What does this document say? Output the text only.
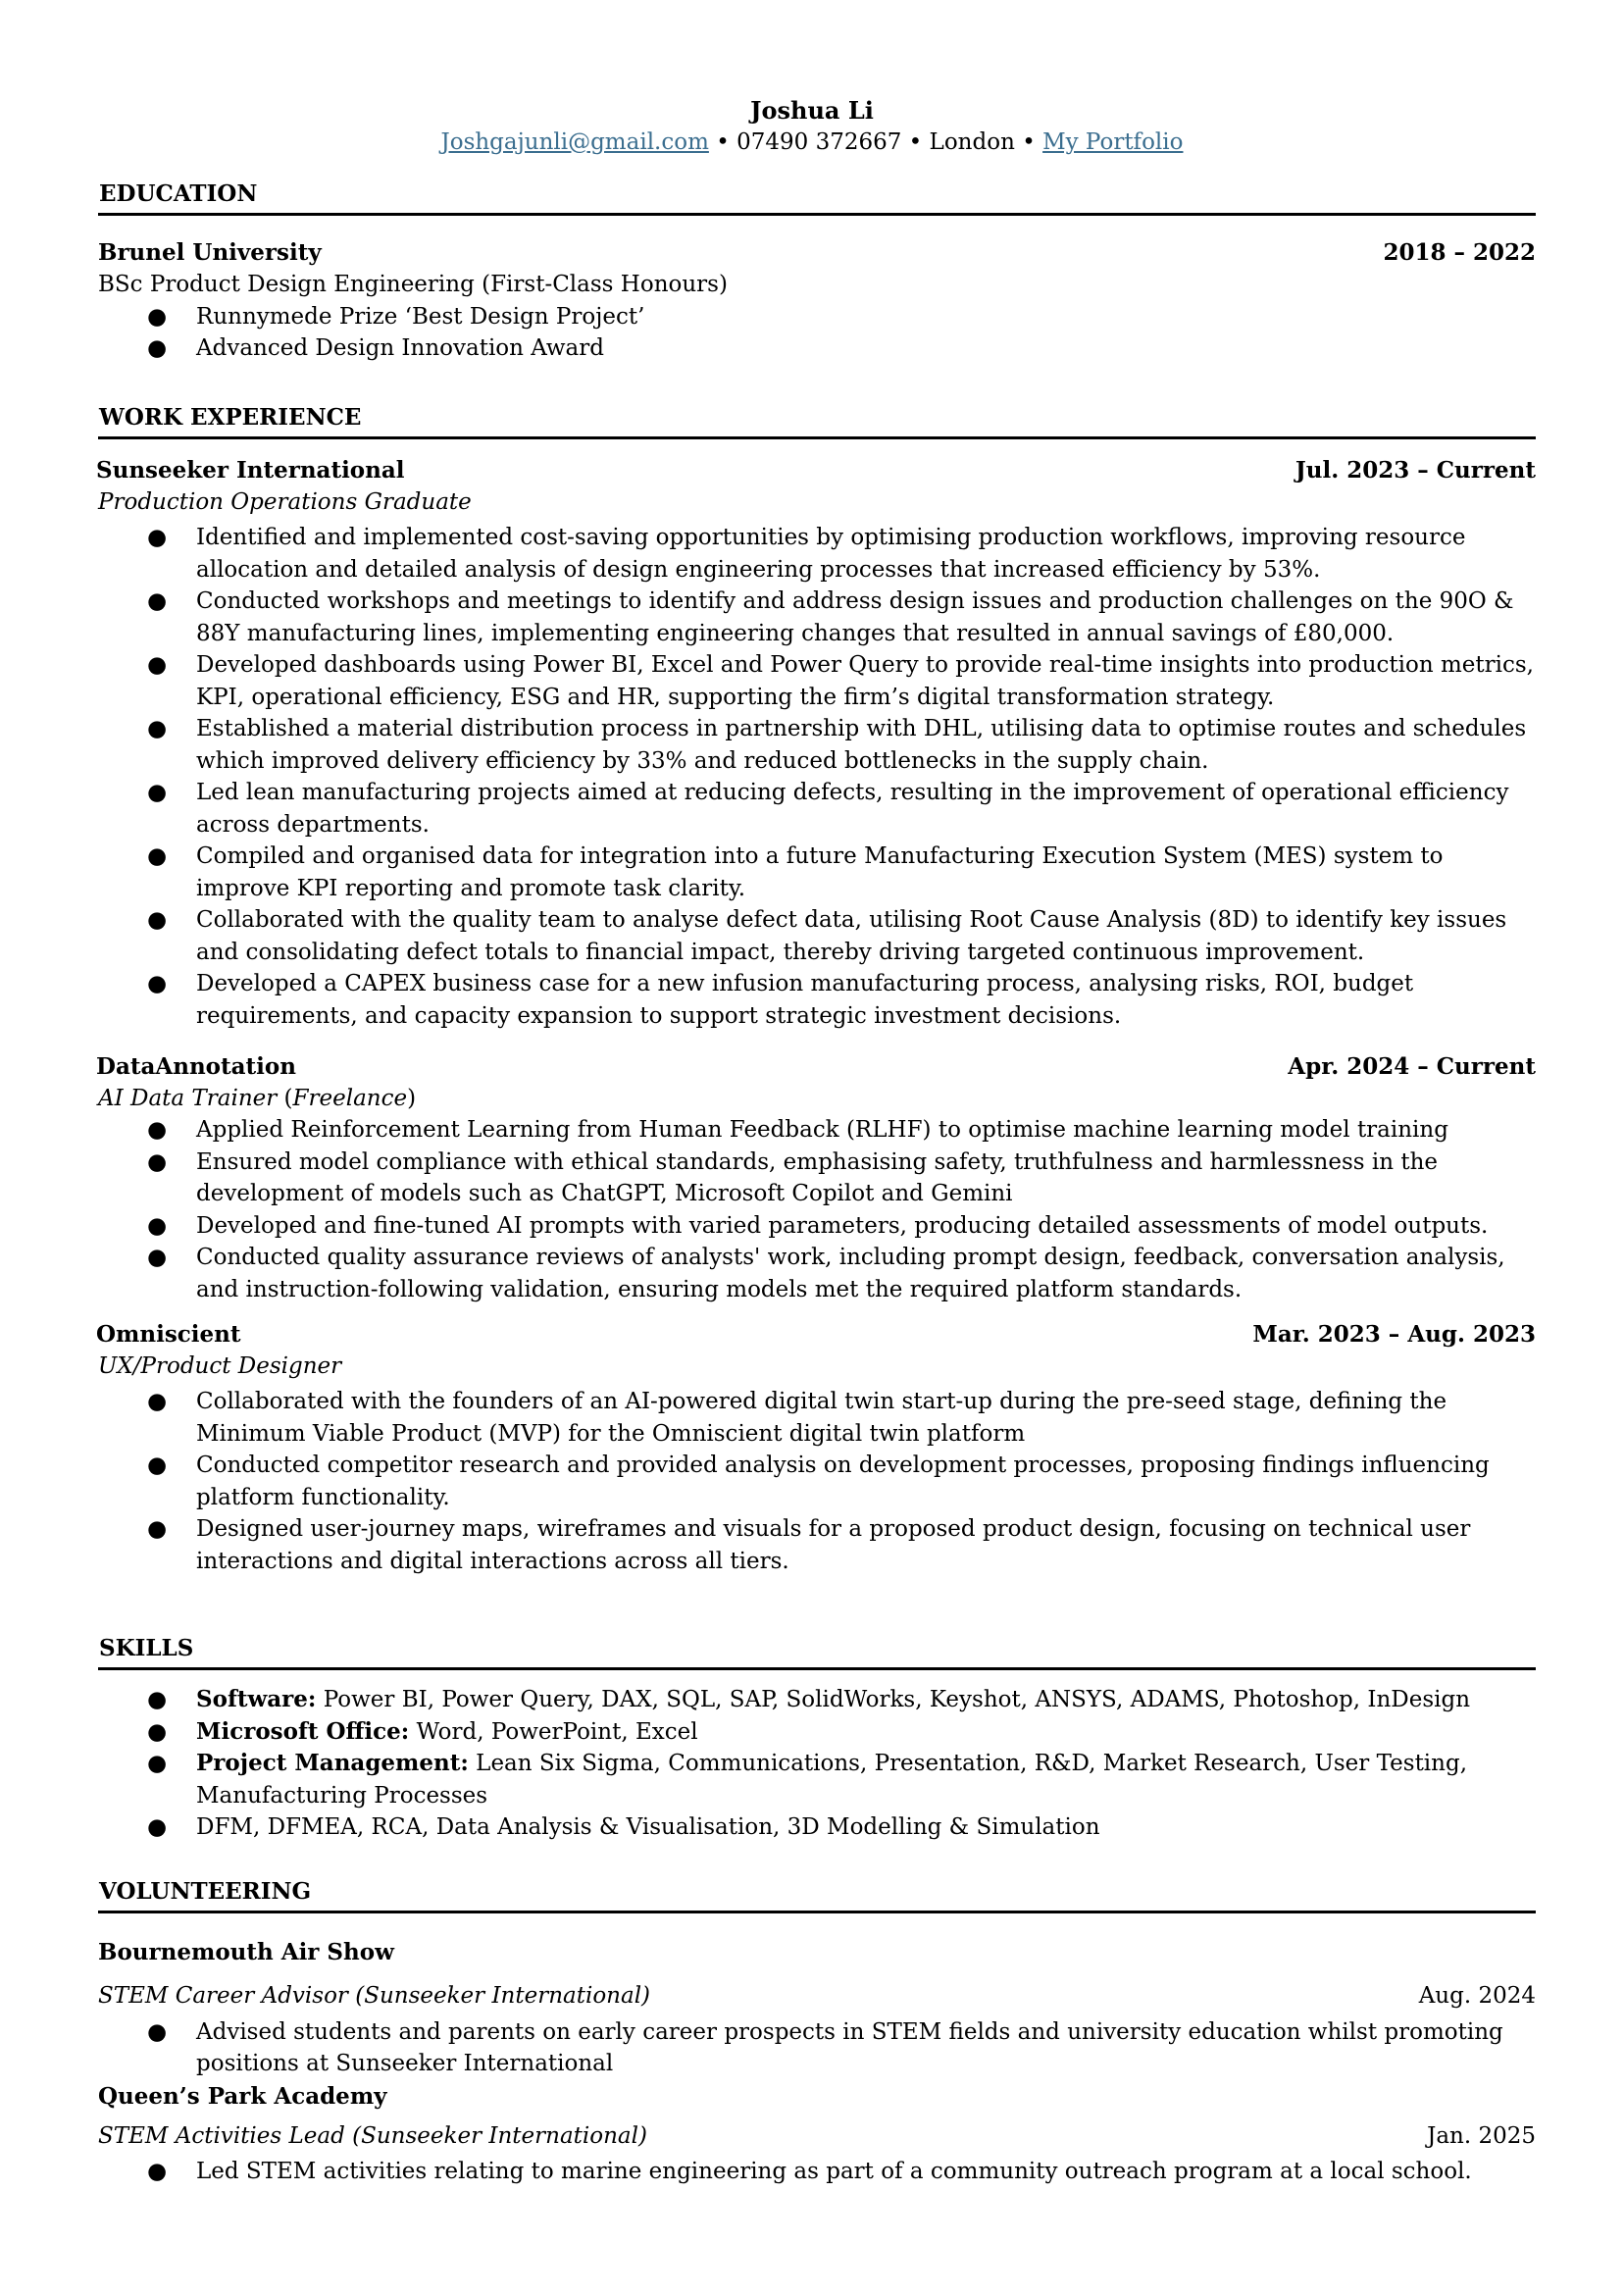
Joshua Li
Joshgajunli@gmail.com • 07490 372667 • London • My Portfolio
EDUCATION
Brunel University	2018 – 2022
BSc Product Design Engineering (First-Class Honours)
● Runnymede Prize ‘Best Design Project’
● Advanced Design Innovation Award
WORK EXPERIENCE
Sunseeker International	Jul. 2023 – Current
Production Operations Graduate
● Identified and implemented cost-saving opportunities by optimising production workflows, improving resource allocation and detailed analysis of design engineering processes that increased efficiency by 53%.
● Conducted workshops and meetings to identify and address design issues and production challenges on the 90O & 88Y manufacturing lines, implementing engineering changes that resulted in annual savings of £80,000.
● Developed dashboards using Power BI, Excel and Power Query to provide real-time insights into production metrics, KPI, operational efficiency, ESG and HR, supporting the firm’s digital transformation strategy.
● Established a material distribution process in partnership with DHL, utilising data to optimise routes and schedules which improved delivery efficiency by 33% and reduced bottlenecks in the supply chain.
● Led lean manufacturing projects aimed at reducing defects, resulting in the improvement of operational efficiency across departments.
● Compiled and organised data for integration into a future Manufacturing Execution System (MES) system to improve KPI reporting and promote task clarity.
● Collaborated with the quality team to analyse defect data, utilising Root Cause Analysis (8D) to identify key issues and consolidating defect totals to financial impact, thereby driving targeted continuous improvement.
● Developed a CAPEX business case for a new infusion manufacturing process, analysing risks, ROI, budget requirements, and capacity expansion to support strategic investment decisions.
DataAnnotation	Apr. 2024 – Current
AI Data Trainer (Freelance)
● Applied Reinforcement Learning from Human Feedback (RLHF) to optimise machine learning model training
● Ensured model compliance with ethical standards, emphasising safety, truthfulness and harmlessness in the development of models such as ChatGPT, Microsoft Copilot and Gemini
● Developed and fine-tuned AI prompts with varied parameters, producing detailed assessments of model outputs.
● Conducted quality assurance reviews of analysts' work, including prompt design, feedback, conversation analysis, and instruction-following validation, ensuring models met the required platform standards.
Omniscient	Mar. 2023 – Aug. 2023
UX/Product Designer
● Collaborated with the founders of an AI-powered digital twin start-up during the pre-seed stage, defining the Minimum Viable Product (MVP) for the Omniscient digital twin platform
● Conducted competitor research and provided analysis on development processes, proposing findings influencing platform functionality.
● Designed user-journey maps, wireframes and visuals for a proposed product design, focusing on technical user interactions and digital interactions across all tiers.
SKILLS
● Software: Power BI, Power Query, DAX, SQL, SAP, SolidWorks, Keyshot, ANSYS, ADAMS, Photoshop, InDesign
● Microsoft Office: Word, PowerPoint, Excel
● Project Management: Lean Six Sigma, Communications, Presentation, R&D, Market Research, User Testing, Manufacturing Processes
● DFM, DFMEA, RCA, Data Analysis & Visualisation, 3D Modelling & Simulation
VOLUNTEERING
Bournemouth Air Show
STEM Career Advisor (Sunseeker International)	Aug. 2024
● Advised students and parents on early career prospects in STEM fields and university education whilst promoting positions at Sunseeker International
Queen’s Park Academy
STEM Activities Lead (Sunseeker International)	Jan. 2025
● Led STEM activities relating to marine engineering as part of a community outreach program at a local school.
